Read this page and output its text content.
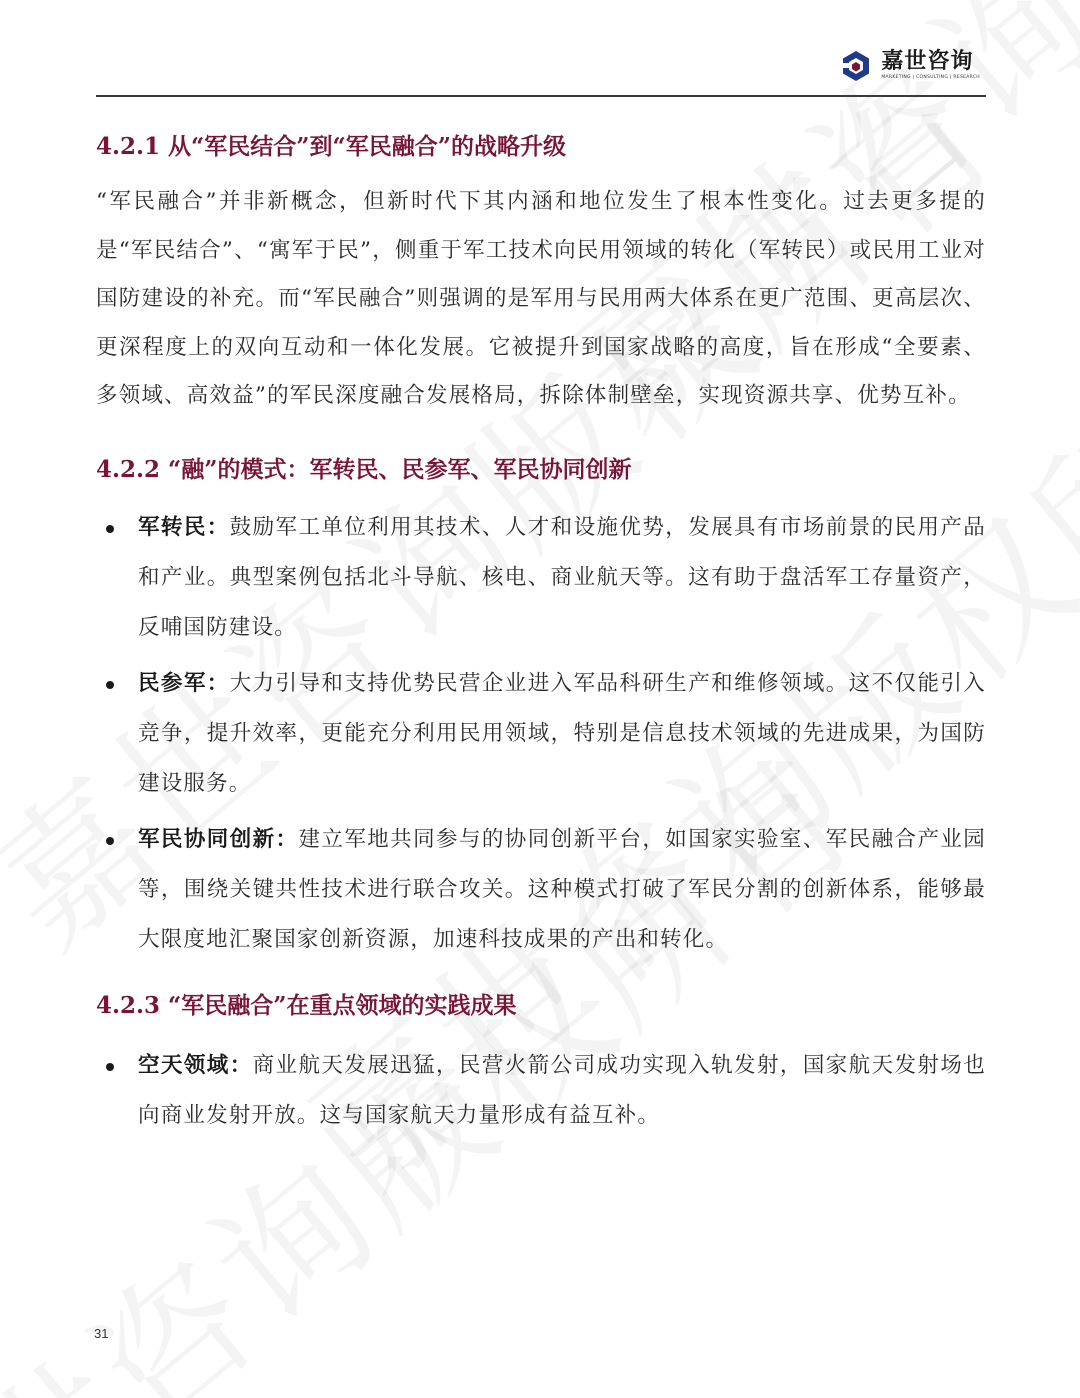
嘉世咨询
MARKETING | CONSULTING | RESEARCH
4.2.1 从“军民结合”到“军民融合”的战略升级

“军民融合”并非新概念，但新时代下其内涵和地位发生了根本性变化。过去更多提的是“军民结合”、“寓军于民”，侧重于军工技术向民用领域的转化（军转民）或民用工业对国防建设的补充。而“军民融合”则强调的是军用与民用两大体系在更广范围、更高层次、更深程度上的双向互动和一体化发展。它被提升到国家战略的高度，旨在形成“全要素、多领域、高效益”的军民深度融合发展格局，拆除体制壁垒，实现资源共享、优势互补。

4.2.2 “融”的模式：军转民、民参军、军民协同创新
军转民：鼓励军工单位利用其技术、人才和设施优势，发展具有市场前景的民用产品和产业。典型案例包括北斗导航、核电、商业航天等。这有助于盘活军工存量资产，反哺国防建设。
民参军：大力引导和支持优势民营企业进入军品科研生产和维修领域。这不仅能引入竞争，提升效率，更能充分利用民用领域，特别是信息技术领域的先进成果，为国防建设服务。
军民协同创新：建立军地共同参与的协同创新平台，如国家实验室、军民融合产业园等，围绕关键共性技术进行联合攻关。这种模式打破了军民分割的创新体系，能够最大限度地汇聚国家创新资源，加速科技成果的产出和转化。
4.2.3 “军民融合”在重点领域的实践成果
空天领域：商业航天发展迅猛，民营火箭公司成功实现入轨发射，国家航天发射场也向商业发射开放。这与国家航天力量形成有益互补。
31
